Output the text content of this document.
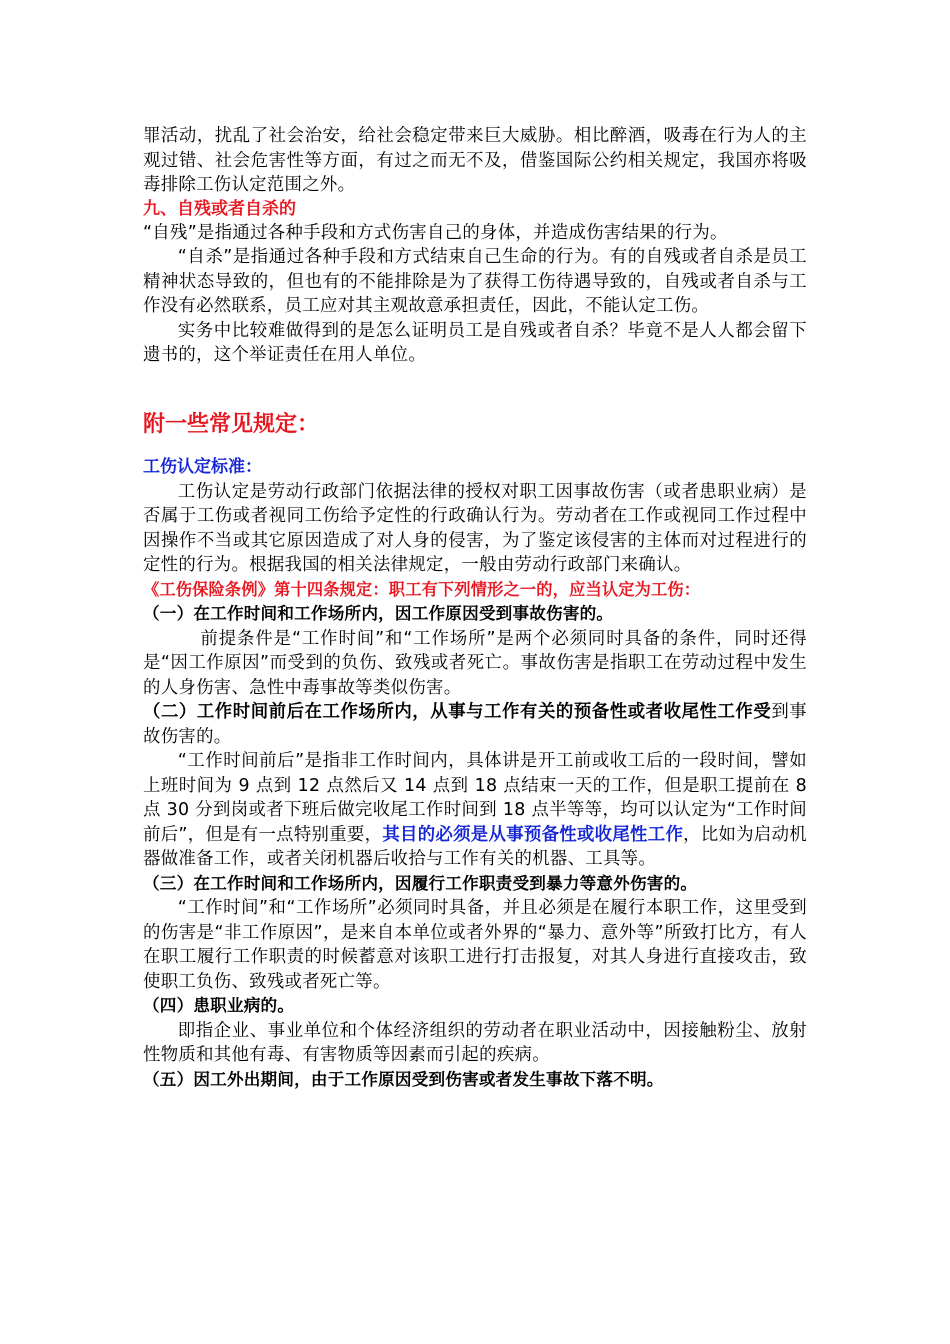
罪活动，扰乱了社会治安，给社会稳定带来巨大威胁。相比醉酒，吸毒在行为人的主观过错、社会危害性等方面，有过之而无不及，借鉴国际公约相关规定，我国亦将吸毒排除工伤认定范围之外。

九、自残或者自杀的

“自残”是指通过各种手段和方式伤害自己的身体，并造成伤害结果的行为。

“自杀”是指通过各种手段和方式结束自己生命的行为。有的自残或者自杀是员工精神状态导致的，但也有的不能排除是为了获得工伤待遇导致的，自残或者自杀与工作没有必然联系，员工应对其主观故意承担责任，因此，不能认定工伤。

实务中比较难做得到的是怎么证明员工是自残或者自杀？毕竟不是人人都会留下遗书的，这个举证责任在用人单位。

附一些常见规定：

工伤认定标准：

工伤认定是劳动行政部门依据法律的授权对职工因事故伤害（或者患职业病）是否属于工伤或者视同工伤给予定性的行政确认行为。劳动者在工作或视同工作过程中因操作不当或其它原因造成了对人身的侵害，为了鉴定该侵害的主体而对过程进行的定性的行为。根据我国的相关法律规定，一般由劳动行政部门来确认。

《工伤保险条例》第十四条规定：职工有下列情形之一的，应当认定为工伤：

（一）在工作时间和工作场所内，因工作原因受到事故伤害的。

前提条件是“工作时间”和“工作场所”是两个必须同时具备的条件，同时还得是“因工作原因”而受到的负伤、致残或者死亡。事故伤害是指职工在劳动过程中发生的人身伤害、急性中毒事故等类似伤害。

（二）工作时间前后在工作场所内，从事与工作有关的预备性或者收尾性工作受到事故伤害的。

“工作时间前后”是指非工作时间内，具体讲是开工前或收工后的一段时间，譬如上班时间为 9 点到 12 点然后又 14 点到 18 点结束一天的工作，但是职工提前在 8 点 30 分到岗或者下班后做完收尾工作时间到 18 点半等等，均可以认定为“工作时间前后”，但是有一点特别重要，其目的必须是从事预备性或收尾性工作，比如为启动机器做准备工作，或者关闭机器后收拾与工作有关的机器、工具等。

（三）在工作时间和工作场所内，因履行工作职责受到暴力等意外伤害的。

“工作时间”和“工作场所”必须同时具备，并且必须是在履行本职工作，这里受到的伤害是“非工作原因”，是来自本单位或者外界的“暴力、意外等”所致打比方，有人在职工履行工作职责的时候蓄意对该职工进行打击报复，对其人身进行直接攻击，致使职工负伤、致残或者死亡等。

（四）患职业病的。

即指企业、事业单位和个体经济组织的劳动者在职业活动中，因接触粉尘、放射性物质和其他有毒、有害物质等因素而引起的疾病。

（五）因工外出期间，由于工作原因受到伤害或者发生事故下落不明。
